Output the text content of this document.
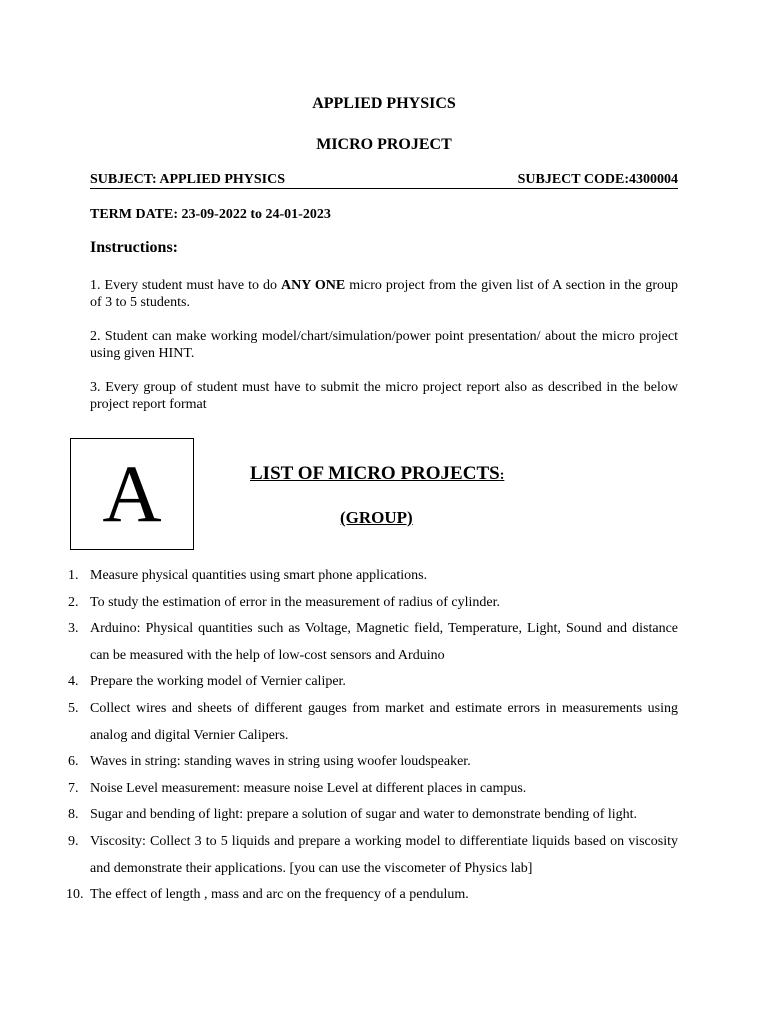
APPLIED PHYSICS
MICRO PROJECT
SUBJECT: APPLIED PHYSICS	SUBJECT CODE:4300004
TERM DATE: 23-09-2022 to 24-01-2023
Instructions:
1. Every student must have to do ANY ONE micro project from the given list of A section in the group of 3 to 5 students.
2. Student can make working model/chart/simulation/power point presentation/ about the micro project using given HINT.
3. Every group of student must have to submit the micro project report also as described in the below project report format
A	LIST OF MICRO PROJECTS:
(GROUP)
1. Measure physical quantities using smart phone applications.
2. To study the estimation of error in the measurement of radius of cylinder.
3. Arduino: Physical quantities such as Voltage, Magnetic field, Temperature, Light, Sound and distance can be measured with the help of low-cost sensors and Arduino
4. Prepare the working model of Vernier caliper.
5. Collect wires and sheets of different gauges from market and estimate errors in measurements using analog and digital Vernier Calipers.
6. Waves in string: standing waves in string using woofer loudspeaker.
7. Noise Level measurement: measure noise Level at different places in campus.
8. Sugar and bending of light: prepare a solution of sugar and water to demonstrate bending of light.
9. Viscosity: Collect 3 to 5 liquids and prepare a working model to differentiate liquids based on viscosity and demonstrate their applications. [you can use the viscometer of Physics lab]
10. The effect of length , mass and arc on the frequency of a pendulum.
